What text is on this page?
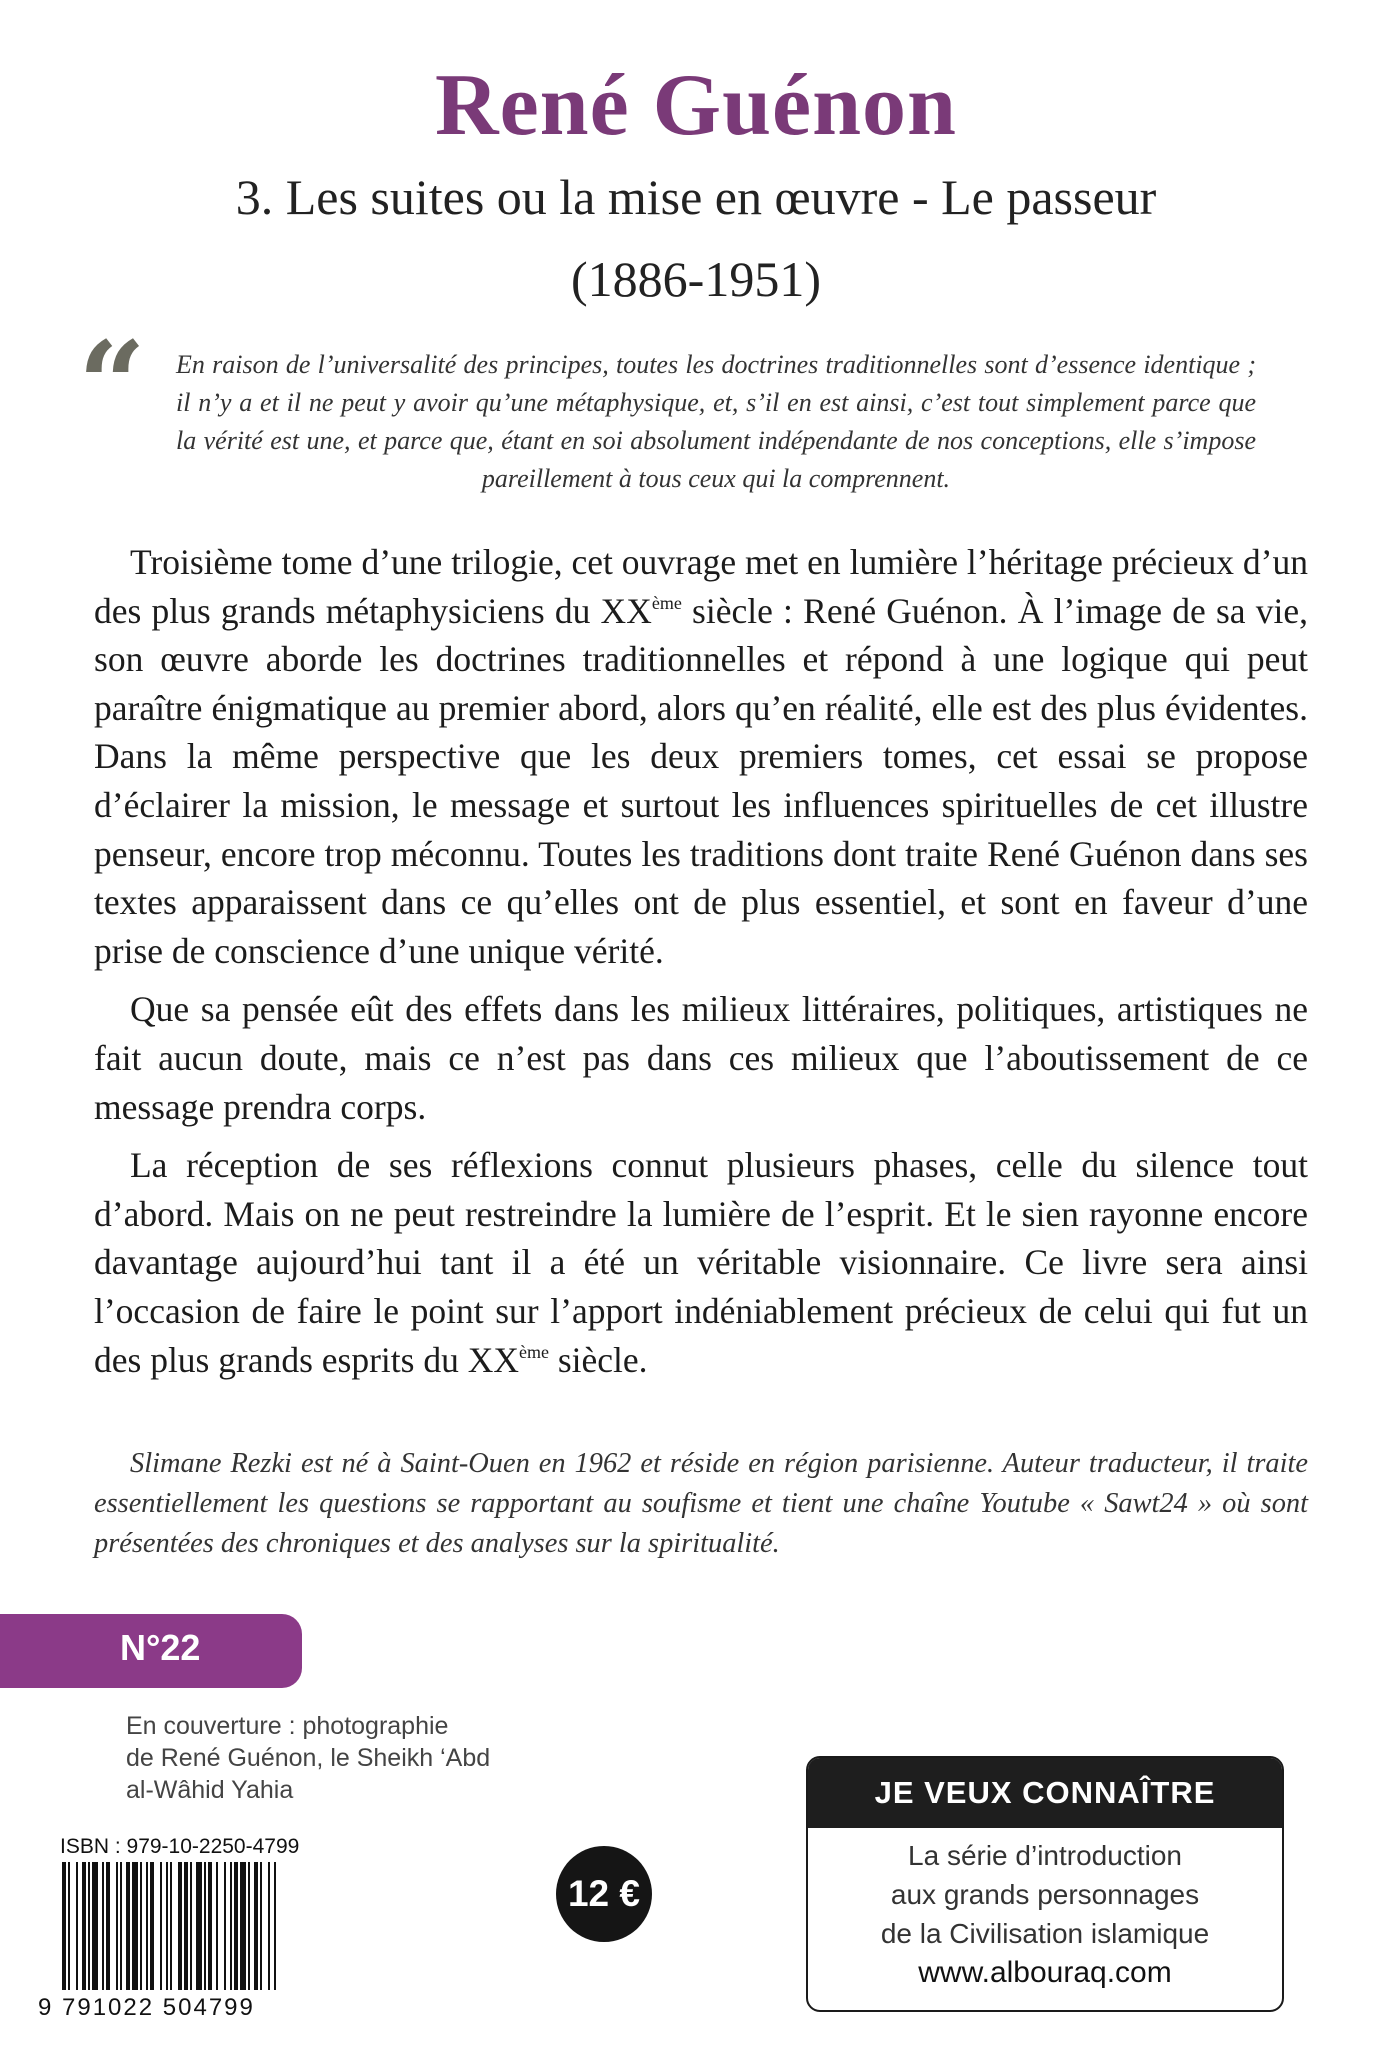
René Guénon
3. Les suites ou la mise en œuvre - Le passeur
(1886-1951)
“ En raison de l’universalité des principes, toutes les doctrines traditionnelles sont d’essence identique ; il n’y a et il ne peut y avoir qu’une métaphysique, et, s’il en est ainsi, c’est tout simplement parce que la vérité est une, et parce que, étant en soi absolument indépendante de nos conceptions, elle s’impose pareillement à tous ceux qui la comprennent.

Troisième tome d’une trilogie, cet ouvrage met en lumière l’héritage précieux d’un des plus grands métaphysiciens du XXème siècle : René Guénon. À l’image de sa vie, son œuvre aborde les doctrines traditionnelles et répond à une logique qui peut paraître énigmatique au premier abord, alors qu’en réalité, elle est des plus évidentes. Dans la même perspective que les deux premiers tomes, cet essai se propose d’éclairer la mission, le message et surtout les influences spirituelles de cet illustre penseur, encore trop méconnu. Toutes les traditions dont traite René Guénon dans ses textes apparaissent dans ce qu’elles ont de plus essentiel, et sont en faveur d’une prise de conscience d’une unique vérité.

Que sa pensée eût des effets dans les milieux littéraires, politiques, artistiques ne fait aucun doute, mais ce n’est pas dans ces milieux que l’aboutissement de ce message prendra corps.

La réception de ses réflexions connut plusieurs phases, celle du silence tout d’abord. Mais on ne peut restreindre la lumière de l’esprit. Et le sien rayonne encore davantage aujourd’hui tant il a été un véritable visionnaire. Ce livre sera ainsi l’occasion de faire le point sur l’apport indéniablement précieux de celui qui fut un des plus grands esprits du XXème siècle.

Slimane Rezki est né à Saint-Ouen en 1962 et réside en région parisienne. Auteur traducteur, il traite essentiellement les questions se rapportant au soufisme et tient une chaîne Youtube « Sawt24 » où sont présentées des chroniques et des analyses sur la spiritualité.
N°22
En couverture : photographie
de René Guénon, le Sheikh ‘Abd
al-Wâhid Yahia
ISBN : 979-10-2250-4799
9 791022 504799
12 €
JE VEUX CONNAÎTRE
La série d’introduction
aux grands personnages
de la Civilisation islamique
www.albouraq.com
